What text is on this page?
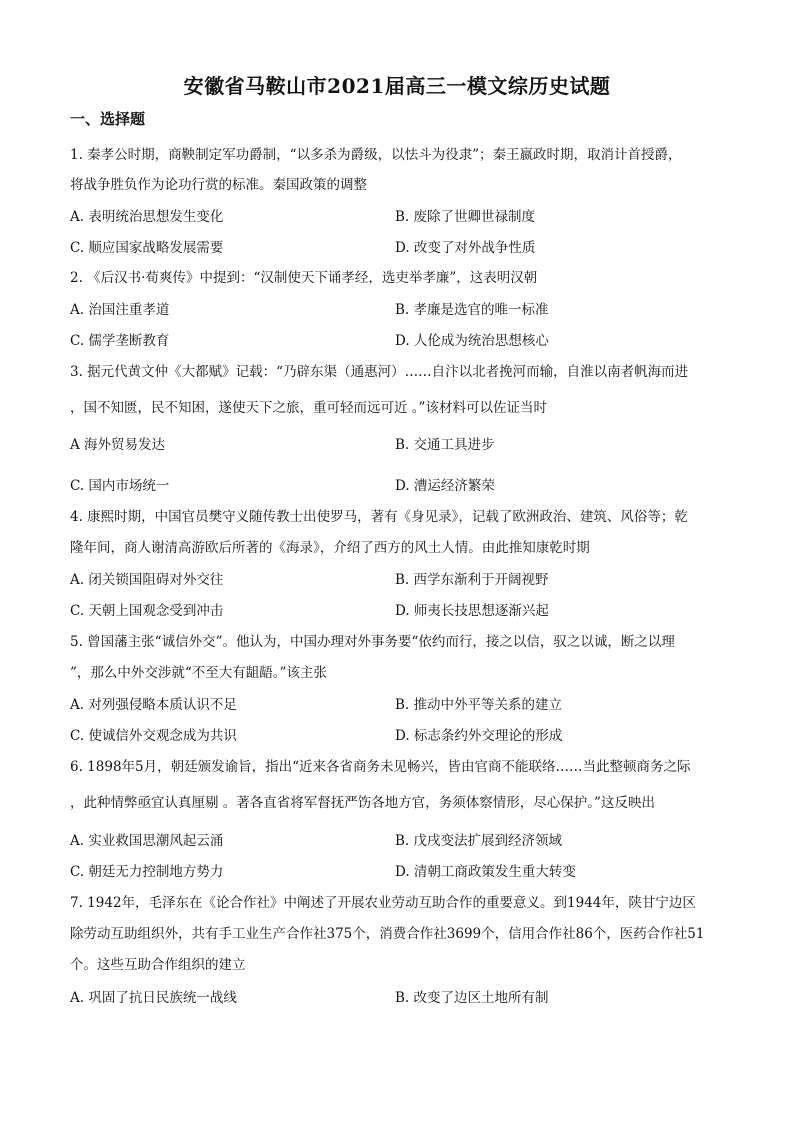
安徽省马鞍山市2021届高三一模文综历史试题
一、选择题
1. 秦孝公时期，商鞅制定军功爵制，“以多杀为爵级，以怯斗为役隶”；秦王嬴政时期，取消计首授爵，
将战争胜负作为论功行赏的标准。秦国政策的调整
A. 表明统治思想发生变化	B. 废除了世卿世禄制度
C. 顺应国家战略发展需要	D. 改变了对外战争性质
2. 《后汉书·荀爽传》中提到：“汉制使天下诵孝经，选吏举孝廉”，这表明汉朝
A. 治国注重孝道	B. 孝廉是选官的唯一标准
C. 儒学垄断教育	D. 人伦成为统治思想核心
3. 据元代黄文仲《大都赋》记载：“乃辟东渠（通惠河）……自汴以北者挽河而输，自淮以南者帆海而进
，国不知匮，民不知困，遂使天下之旅，重可轻而远可近 。”该材料可以佐证当时
A 海外贸易发达	B. 交通工具进步
C. 国内市场统一	D. 漕运经济繁荣
4. 康熙时期，中国官员樊守义随传教士出使罗马，著有《身见录》，记载了欧洲政治、建筑、风俗等；乾
隆年间，商人谢清高游欧后所著的《海录》，介绍了西方的风土人情。由此推知康乾时期
A. 闭关锁国阻碍对外交往	B. 西学东渐利于开阔视野
C. 天朝上国观念受到冲击	D. 师夷长技思想逐渐兴起
5. 曾国藩主张“诚信外交”。他认为，中国办理对外事务要“依约而行，接之以信，驭之以诚，断之以理
”，那么中外交涉就“不至大有龃龉。”该主张
A. 对列强侵略本质认识不足	B. 推动中外平等关系的建立
C. 使诚信外交观念成为共识	D. 标志条约外交理论的形成
6. 1898年5月，朝廷颁发谕旨，指出“近来各省商务未见畅兴，皆由官商不能联络……当此整顿商务之际
，此种情弊亟宜认真厘剔 。著各直省将军督抚严饬各地方官，务须体察情形，尽心保护。”这反映出
A. 实业救国思潮风起云涌	B. 戊戌变法扩展到经济领域
C. 朝廷无力控制地方势力	D. 清朝工商政策发生重大转变
7. 1942年，毛泽东在《论合作社》中阐述了开展农业劳动互助合作的重要意义。到1944年，陕甘宁边区
除劳动互助组织外，共有手工业生产合作社375个，消费合作社3699个，信用合作社86个，医药合作社51
个。这些互助合作组织的建立
A. 巩固了抗日民族统一战线	B. 改变了边区土地所有制
